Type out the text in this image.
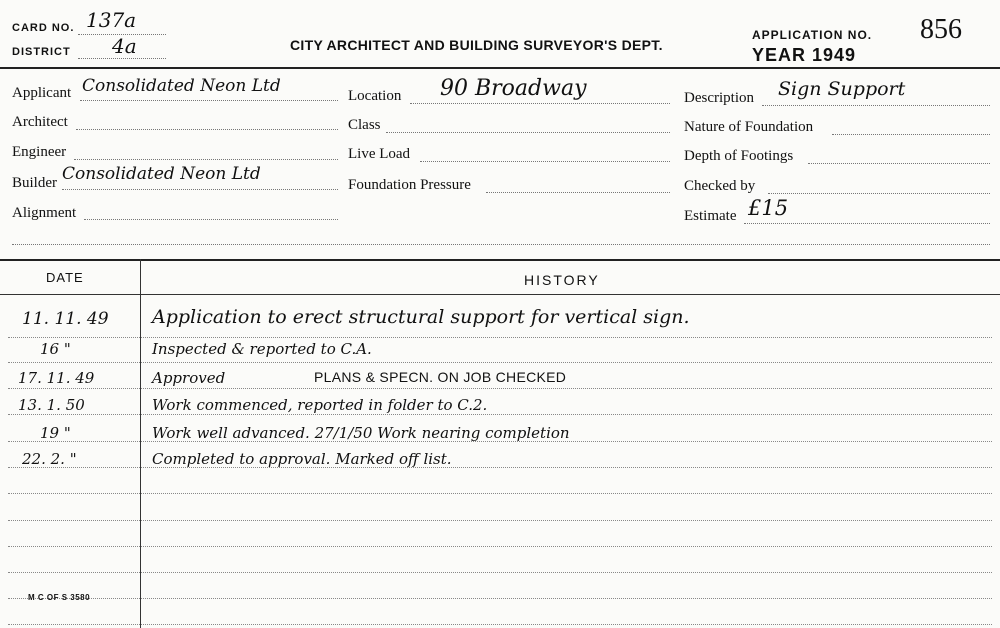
CARD NO. 137a
DISTRICT 4a	CITY ARCHITECT AND BUILDING SURVEYOR'S DEPT.
APPLICATION NO. 856
YEAR 1949
Applicant Consolidated Neon Ltd
Architect
Engineer
Builder Consolidated Neon Ltd
Alignment
Location 90 Broadway
Class
Live Load
Foundation Pressure
Description Sign Support
Nature of Foundation
Depth of Footings
Checked by
Estimate £15
DATE	HISTORY
11. 11. 49 Application to erect structural support for vertical sign.
16 "	Inspected & reported to C.A.
17. 11. 49	Approved	PLANS & SPECN. ON JOB CHECKED
13. 1. 50	Work commenced, reported in folder to C.2.
19 "	Work well advanced. 27/1/50 Work nearing completion
22. 2. "	Completed to approval. Marked off list.
M C OF S 3580
